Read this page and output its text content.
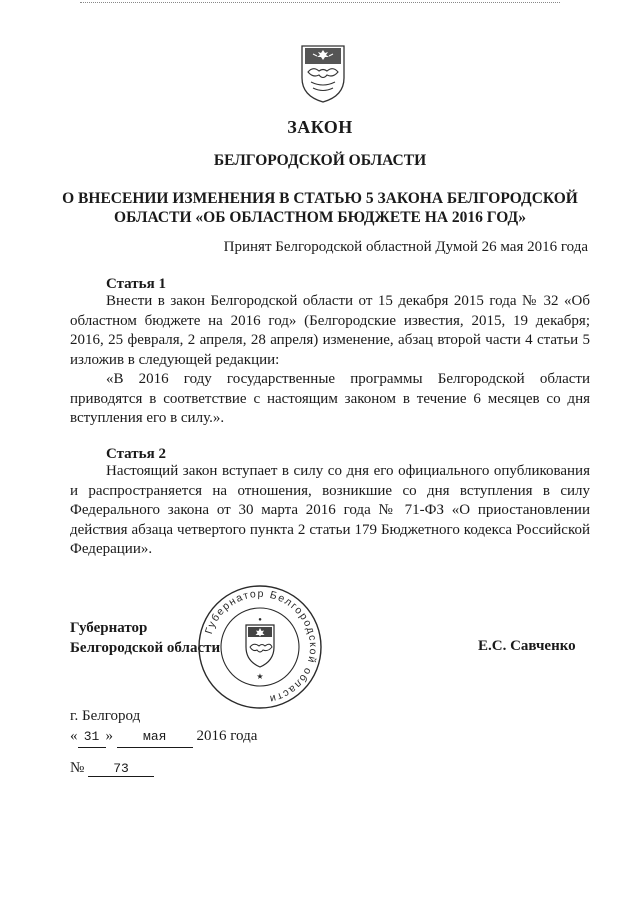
ЗАКОН
БЕЛГОРОДСКОЙ ОБЛАСТИ
О ВНЕСЕНИИ ИЗМЕНЕНИЯ В СТАТЬЮ 5 ЗАКОНА БЕЛГОРОДСКОЙ
ОБЛАСТИ «ОБ ОБЛАСТНОМ БЮДЖЕТЕ НА 2016 ГОД»
Принят Белгородской областной Думой 26 мая 2016 года
Статья 1

Внести в закон Белгородской области от 15 декабря 2015 года № 32 «Об областном бюджете на 2016 год» (Белгородские известия, 2015, 19 декабря; 2016, 25 февраля, 2 апреля, 28 апреля) изменение, абзац второй части 4 статьи 5 изложив в следующей редакции:

«В 2016 году государственные программы Белгородской области приводятся в соответствие с настоящим законом в течение 6 месяцев со дня вступления его в силу.».

Статья 2

Настоящий закон вступает в силу со дня его официального опубликования и распространяется на отношения, возникшие со дня вступления в силу Федерального закона от 30 марта 2016 года № 71-ФЗ «О приостановлении действия абзаца четвертого пункта 2 статьи 179 Бюджетного кодекса Российской Федерации».

Губернатор
Белгородской области
Губернатор Белгородской области
★
●
Е.С. Савченко
г. Белгород
« 31 » мая 2016 года
№ 73
